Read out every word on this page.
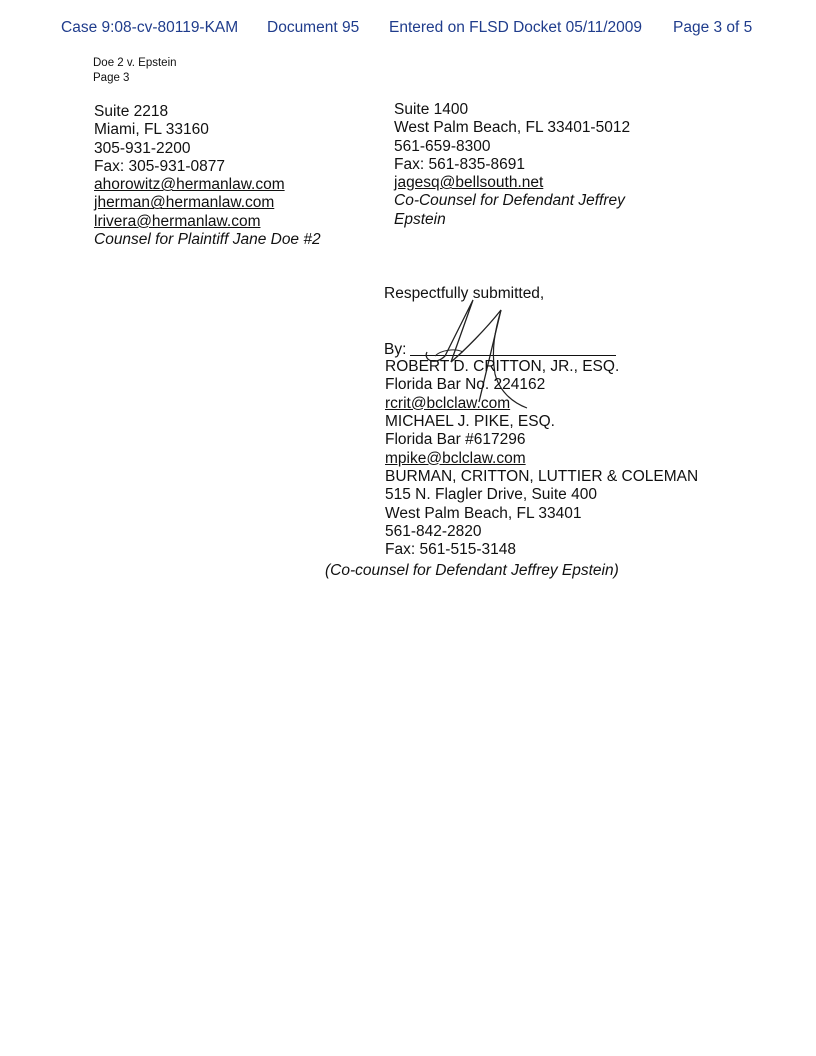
Case 9:08-cv-80119-KAM Document 95 Entered on FLSD Docket 05/11/2009 Page 3 of 5
Doe 2 v. Epstein
Page 3
Suite 2218
Miami, FL 33160
305-931-2200
Fax: 305-931-0877
ahorowitz@hermanlaw.com
jherman@hermanlaw.com
lrivera@hermanlaw.com
Counsel for Plaintiff Jane Doe #2
Suite 1400
West Palm Beach, FL 33401-5012
561-659-8300
Fax: 561-835-8691
jagesq@bellsouth.net
Co-Counsel for Defendant Jeffrey
Epstein
Respectfully submitted,
By:
ROBERT D. CRITTON, JR., ESQ.
Florida Bar No. 224162
rcrit@bclclaw.com
MICHAEL J. PIKE, ESQ.
Florida Bar #617296
mpike@bclclaw.com
BURMAN, CRITTON, LUTTIER & COLEMAN
515 N. Flagler Drive, Suite 400
West Palm Beach, FL 33401
561-842-2820
Fax: 561-515-3148
(Co-counsel for Defendant Jeffrey Epstein)
